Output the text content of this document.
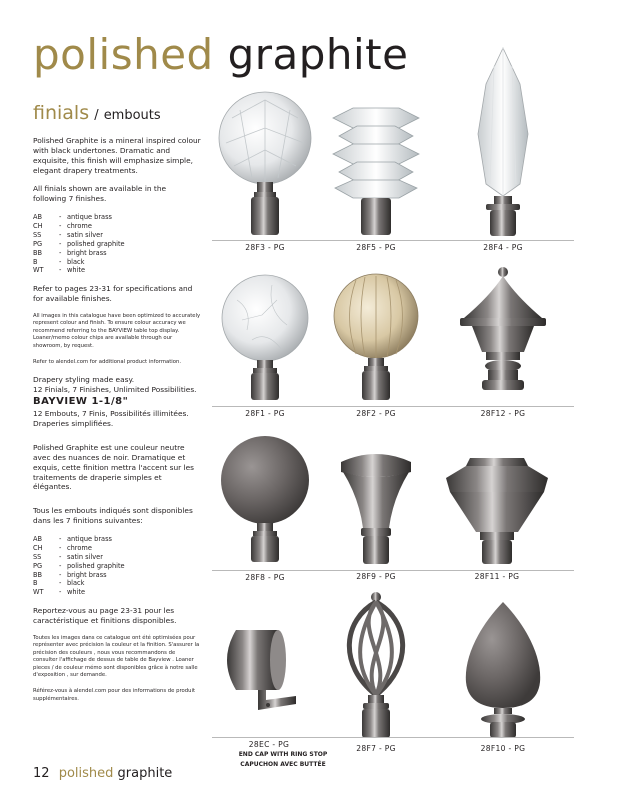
polished graphite
finials / embouts

Polished Graphite is a mineral inspired colour with black undertones. Dramatic and exquisite, this finish will emphasize simple, elegant drapery treatments.

All finials shown are available in the following 7 finishes.

AB	- antique brass
CH	- chrome
SS	- satin silver
PG	- polished graphite
BB	- bright brass
B	- black
WT	- white

Refer to pages 23-31 for specifications and for available finishes.

All images in this catalogue have been optimized to accurately represent colour and finish. To ensure colour accuracy we recommend referring to the BAYVIEW table top display. Loaner/memo colour chips are available through our showroom, by request.

Refer to alendel.com for additional product information.

Drapery styling made easy.

12 Finials, 7 Finishes, Unlimited Possibilities.

BAYVIEW 1-1/8"

12 Embouts, 7 Finis, Possibilités illimitées.

Draperies simplifiées.

Polished Graphite est une couleur neutre avec des nuances de noir. Dramatique et exquis, cette finition mettra l'accent sur les traitements de draperie simples et élégantes.

Tous les embouts indiqués sont disponibles dans les 7 finitions suivantes:

AB	- antique brass
CH	- chrome
SS	- satin silver
PG	- polished graphite
BB	- bright brass
B	- black
WT	- white

Reportez-vous au page 23-31 pour les caractéristique et finitions disponibles.

Toutes les images dans ce catalogue ont été optimisées pour représenter avec précision la couleur et la finition. S'assurer la précision des couleurs , nous vous recommandons de consulter l'affichage de dessus de table de Bayview . Loaner pieces / de couleur mémo sont disponibles grâce à notre salle d'exposition , sur demande.

Référez-vous à alendel.com pour des informations de produit supplémentaires.

28F3 - PG	28F5 - PG	28F4 - PG
28F1 - PG	28F2 - PG	28F12 - PG
28F8 - PG	28F9 - PG	28F11 - PG
28EC - PG
END CAP WITH RING STOP
CAPUCHON AVEC BUTTÉE
28F7 - PG	28F10 - PG
12 polished graphite
